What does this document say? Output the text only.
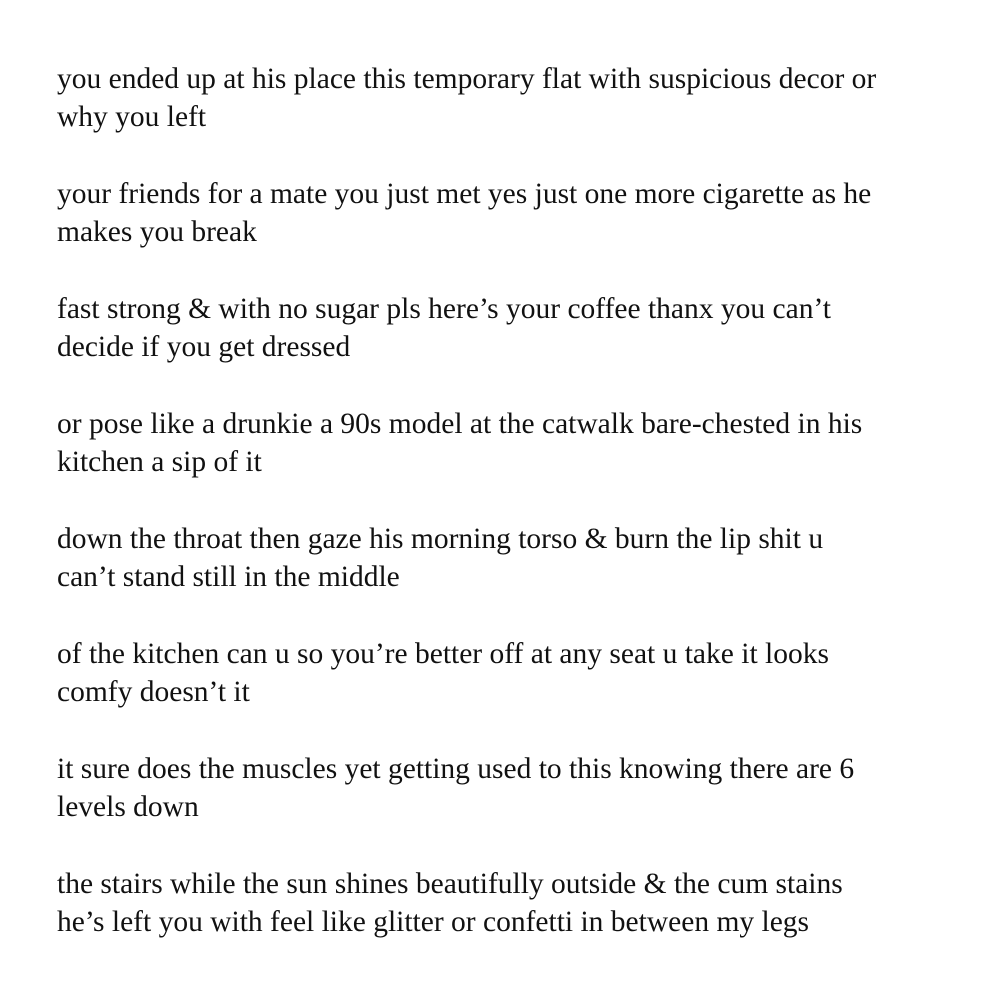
you ended up at his place this temporary flat with suspicious decor or
why you left

your friends for a mate you just met yes just one more cigarette as he
makes you break

fast strong & with no sugar pls here’s your coffee thanx you can’t
decide if you get dressed

or pose like a drunkie a 90s model at the catwalk bare-chested in his
kitchen a sip of it

down the throat then gaze his morning torso & burn the lip shit u
can’t stand still in the middle

of the kitchen can u so you’re better off at any seat u take it looks
comfy doesn’t it

it sure does the muscles yet getting used to this knowing there are 6
levels down

the stairs while the sun shines beautifully outside & the cum stains
he’s left you with feel like glitter or confetti in between my legs
